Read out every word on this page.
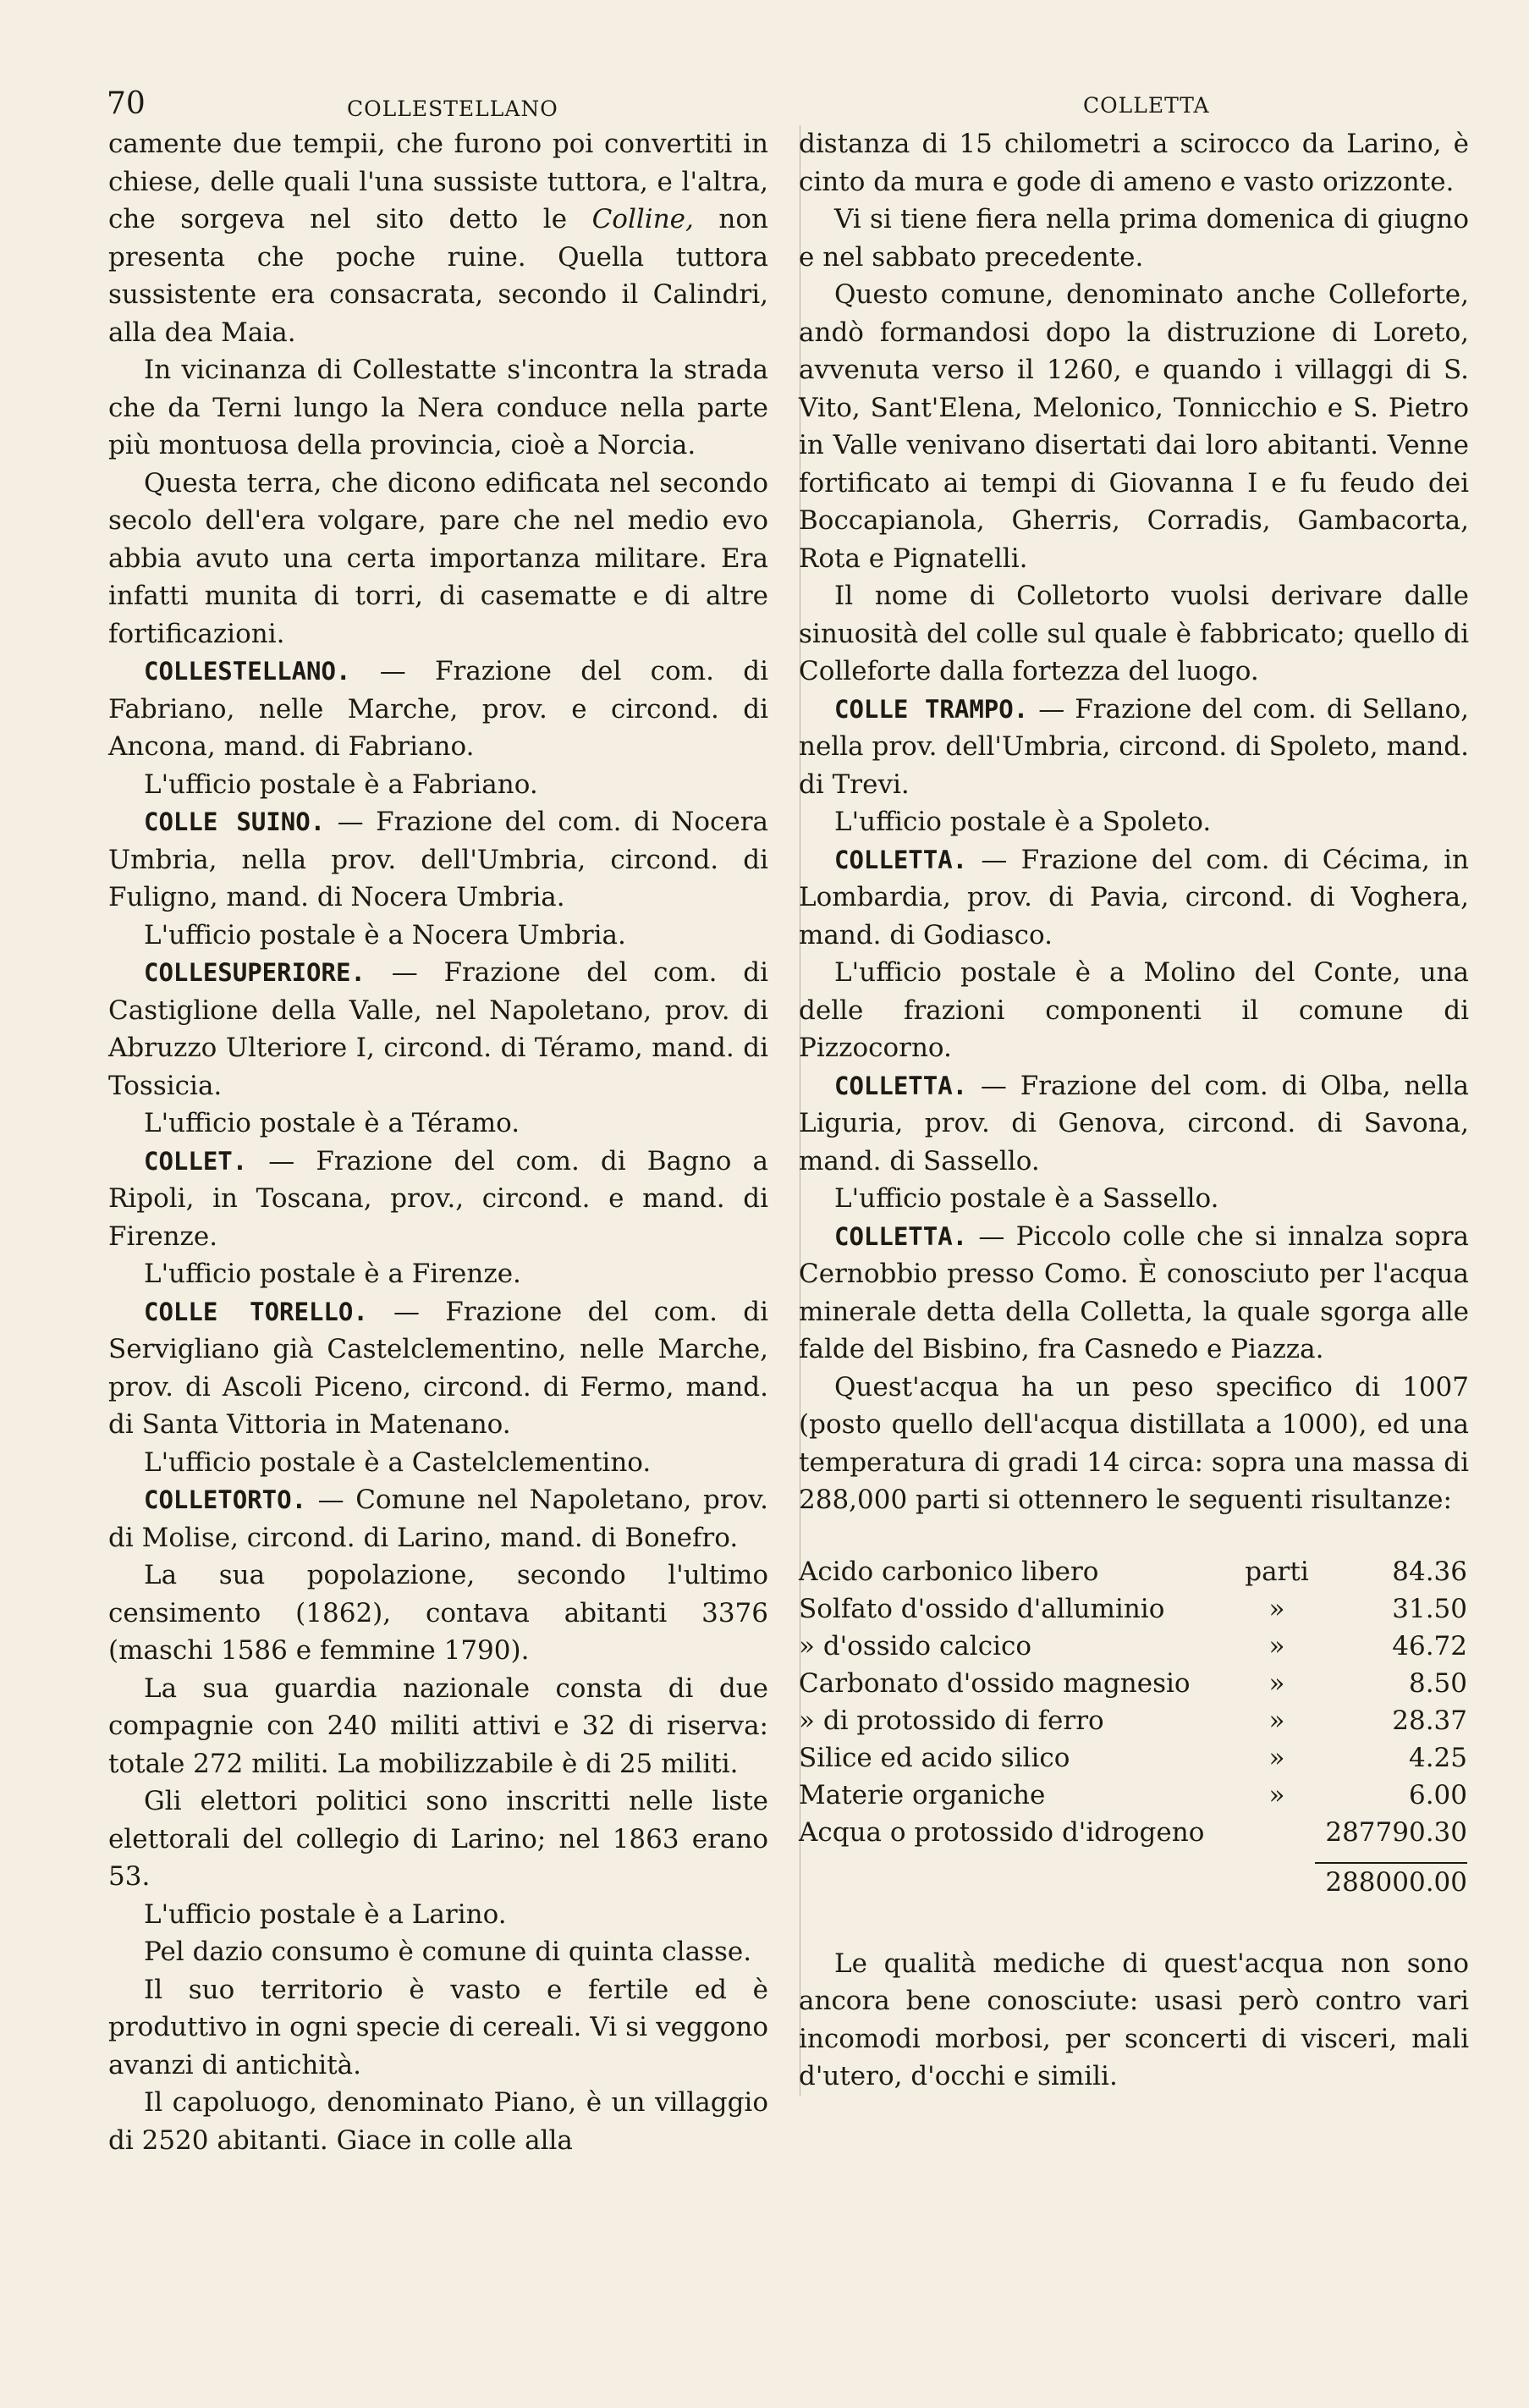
70	COLLESTELLANO	COLLETTA

camente due tempii, che furono poi convertiti in chiese, delle quali l'una sussiste tuttora, e l'altra, che sorgeva nel sito detto le Colline, non presenta che poche ruine. Quella tuttora sussistente era consacrata, secondo il Calindri, alla dea Maia.

In vicinanza di Collestatte s'incontra la strada che da Terni lungo la Nera conduce nella parte più montuosa della provincia, cioè a Norcia.

Questa terra, che dicono edificata nel secondo secolo dell'era volgare, pare che nel medio evo abbia avuto una certa importanza militare. Era infatti munita di torri, di casematte e di altre fortificazioni.

COLLESTELLANO. — Frazione del com. di Fabriano, nelle Marche, prov. e circond. di Ancona, mand. di Fabriano.

L'ufficio postale è a Fabriano.

COLLE SUINO. — Frazione del com. di Nocera Umbria, nella prov. dell'Umbria, circond. di Fuligno, mand. di Nocera Umbria.

L'ufficio postale è a Nocera Umbria.

COLLESUPERIORE. — Frazione del com. di Castiglione della Valle, nel Napoletano, prov. di Abruzzo Ulteriore I, circond. di Téramo, mand. di Tossicia.

L'ufficio postale è a Téramo.

COLLET. — Frazione del com. di Bagno a Ripoli, in Toscana, prov., circond. e mand. di Firenze.

L'ufficio postale è a Firenze.

COLLE TORELLO. — Frazione del com. di Servigliano già Castelclementino, nelle Marche, prov. di Ascoli Piceno, circond. di Fermo, mand. di Santa Vittoria in Matenano.

L'ufficio postale è a Castelclementino.

COLLETORTO. — Comune nel Napoletano, prov. di Molise, circond. di Larino, mand. di Bonefro.

La sua popolazione, secondo l'ultimo censimento (1862), contava abitanti 3376 (maschi 1586 e femmine 1790).

La sua guardia nazionale consta di due compagnie con 240 militi attivi e 32 di riserva: totale 272 militi. La mobilizzabile è di 25 militi.

Gli elettori politici sono inscritti nelle liste elettorali del collegio di Larino; nel 1863 erano 53.

L'ufficio postale è a Larino.

Pel dazio consumo è comune di quinta classe.

Il suo territorio è vasto e fertile ed è produttivo in ogni specie di cereali. Vi si veggono avanzi di antichità.

Il capoluogo, denominato Piano, è un villaggio di 2520 abitanti. Giace in colle alla

distanza di 15 chilometri a scirocco da Larino, è cinto da mura e gode di ameno e vasto orizzonte.

Vi si tiene fiera nella prima domenica di giugno e nel sabbato precedente.

Questo comune, denominato anche Colleforte, andò formandosi dopo la distruzione di Loreto, avvenuta verso il 1260, e quando i villaggi di S. Vito, Sant'Elena, Melonico, Tonnicchio e S. Pietro in Valle venivano disertati dai loro abitanti. Venne fortificato ai tempi di Giovanna I e fu feudo dei Boccapianola, Gherris, Corradis, Gambacorta, Rota e Pignatelli.

Il nome di Colletorto vuolsi derivare dalle sinuosità del colle sul quale è fabbricato; quello di Colleforte dalla fortezza del luogo.

COLLE TRAMPO. — Frazione del com. di Sellano, nella prov. dell'Umbria, circond. di Spoleto, mand. di Trevi.

L'ufficio postale è a Spoleto.

COLLETTA. — Frazione del com. di Cécima, in Lombardia, prov. di Pavia, circond. di Voghera, mand. di Godiasco.

L'ufficio postale è a Molino del Conte, una delle frazioni componenti il comune di Pizzocorno.

COLLETTA. — Frazione del com. di Olba, nella Liguria, prov. di Genova, circond. di Savona, mand. di Sassello.

L'ufficio postale è a Sassello.

COLLETTA. — Piccolo colle che si innalza sopra Cernobbio presso Como. È conosciuto per l'acqua minerale detta della Colletta, la quale sgorga alle falde del Bisbino, fra Casnedo e Piazza.

Quest'acqua ha un peso specifico di 1007 (posto quello dell'acqua distillata a 1000), ed una temperatura di gradi 14 circa: sopra una massa di 288,000 parti si ottennero le seguenti risultanze:

Acido carbonico libero	parti	84.36
Solfato d'ossido d'alluminio	»	31.50
» d'ossido calcico	»	46.72
Carbonato d'ossido magnesio	»	8.50
» di protossido di ferro	»	28.37
Silice ed acido silico	»	4.25
Materie organiche	»	6.00
Acqua o protossido d'idrogeno		287790.30

		288000.00

Le qualità mediche di quest'acqua non sono ancora bene conosciute: usasi però contro vari incomodi morbosi, per sconcerti di visceri, mali d'utero, d'occhi e simili.
